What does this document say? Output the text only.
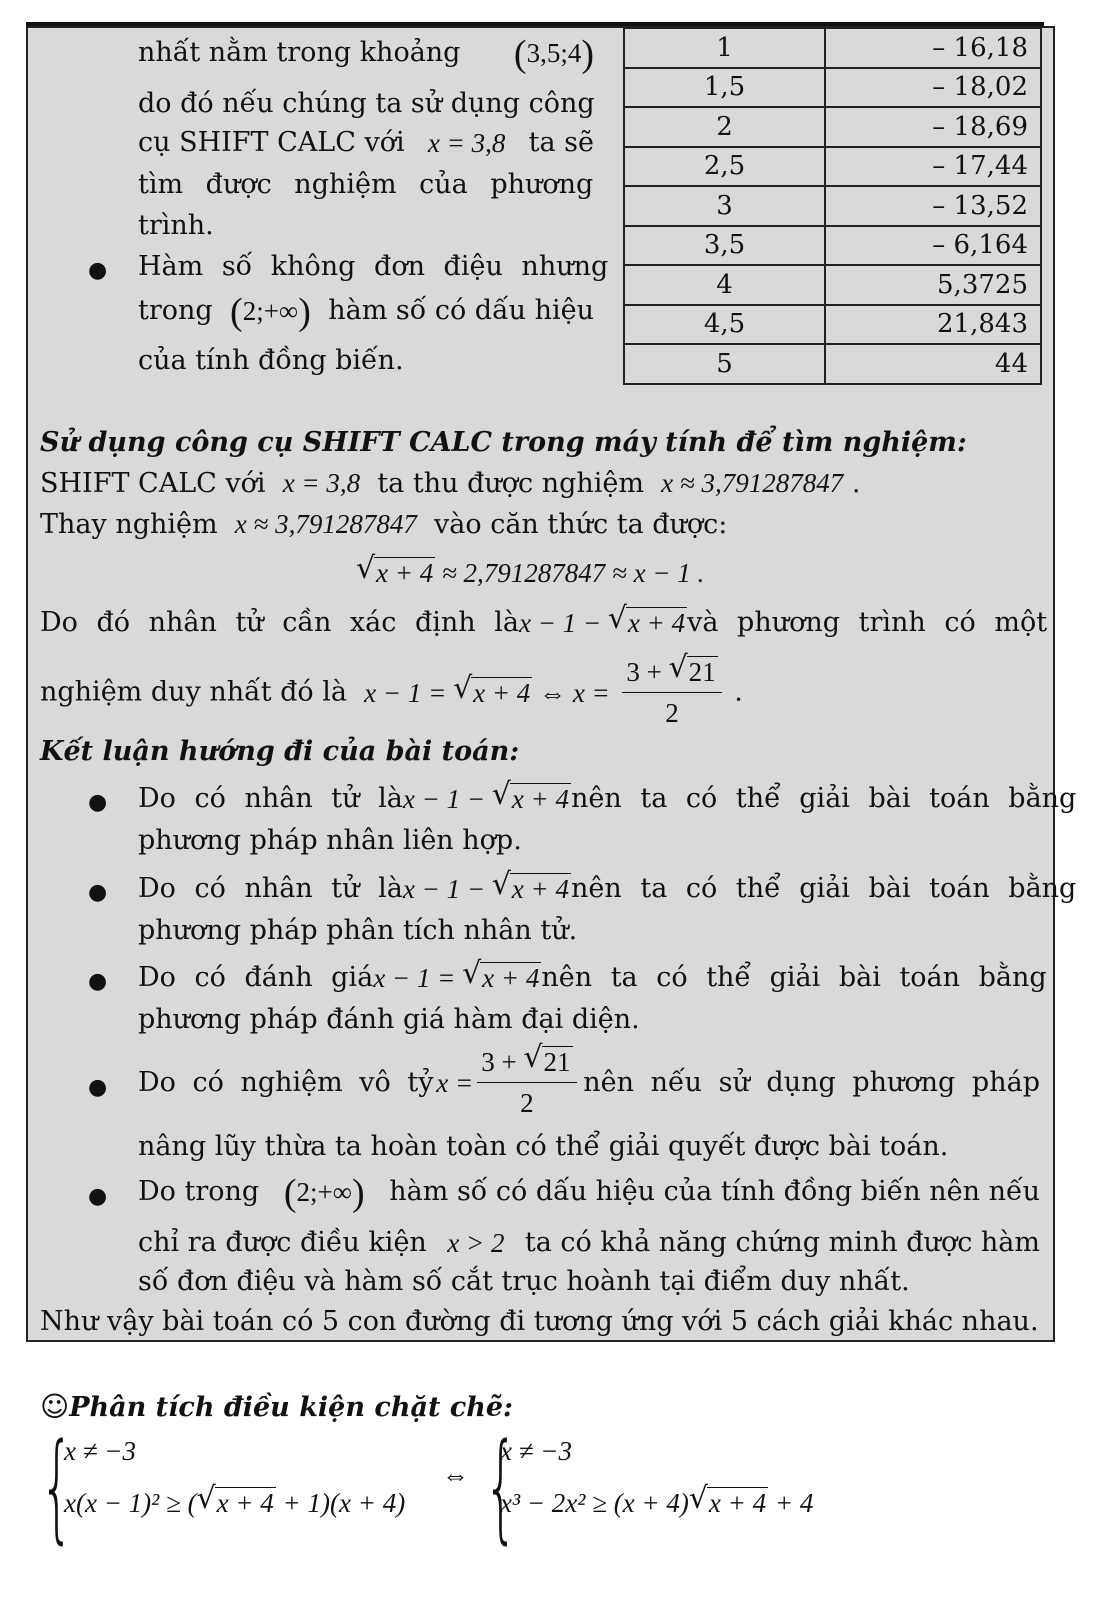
nhất nằm trong khoảng (3,5;4)
do đó nếu chúng ta sử dụng công
cụ SHIFT CALC với x = 3,8 ta sẽ
tìm được nghiệm của phương
trình.
● Hàm số không đơn điệu nhưng
trong (2;+∞) hàm số có dấu hiệu
của tính đồng biến.
1	– 16,18
1,5	– 18,02
2	– 18,69
2,5	– 17,44
3	– 13,52
3,5	– 6,164
4	5,3725
4,5	21,843
5	44
Sử dụng công cụ SHIFT CALC trong máy tính để tìm nghiệm:
SHIFT CALC với x = 3,8 ta thu được nghiệm x ≈ 3,791287847 .
Thay nghiệm x ≈ 3,791287847 vào căn thức ta được:
√ x + 4 ≈ 2,791287847 ≈ x − 1 .
Do đó nhân tử cần xác định là x − 1 − √ x + 4 và phương trình có một
nghiệm duy nhất đó là x − 1 = √ x + 4 ⇔ $x = \frac{3 + √ 21}{2}$ .
Kết luận hướng đi của bài toán:
● Do có nhân tử là x − 1 − √ x + 4 nên ta có thể giải bài toán bằng
phương pháp nhân liên hợp.
● Do có nhân tử là x − 1 − √ x + 4 nên ta có thể giải bài toán bằng
phương pháp phân tích nhân tử.
● Do có đánh giá x − 1 = √ x + 4 nên ta có thể giải bài toán bằng
phương pháp đánh giá hàm đại diện.
● Do có nghiệm vô tỷ $x = \frac{3 + √ 21}{2}$ nên nếu sử dụng phương pháp
nâng lũy thừa ta hoàn toàn có thể giải quyết được bài toán.
● Do trong (2;+∞) hàm số có dấu hiệu của tính đồng biến nên nếu
chỉ ra được điều kiện x > 2 ta có khả năng chứng minh được hàm
số đơn điệu và hàm số cắt trục hoành tại điểm duy nhất.
Như vậy bài toán có 5 con đường đi tương ứng với 5 cách giải khác nhau.
☺Phân tích điều kiện chặt chẽ:
{
x ≠ −3
x(x − 1)² ≥ ( √ x + 4 + 1)(x + 4)
⇔ {
x ≠ −3
x³ − 2x² ≥ (x + 4) √ x + 4 + 4
